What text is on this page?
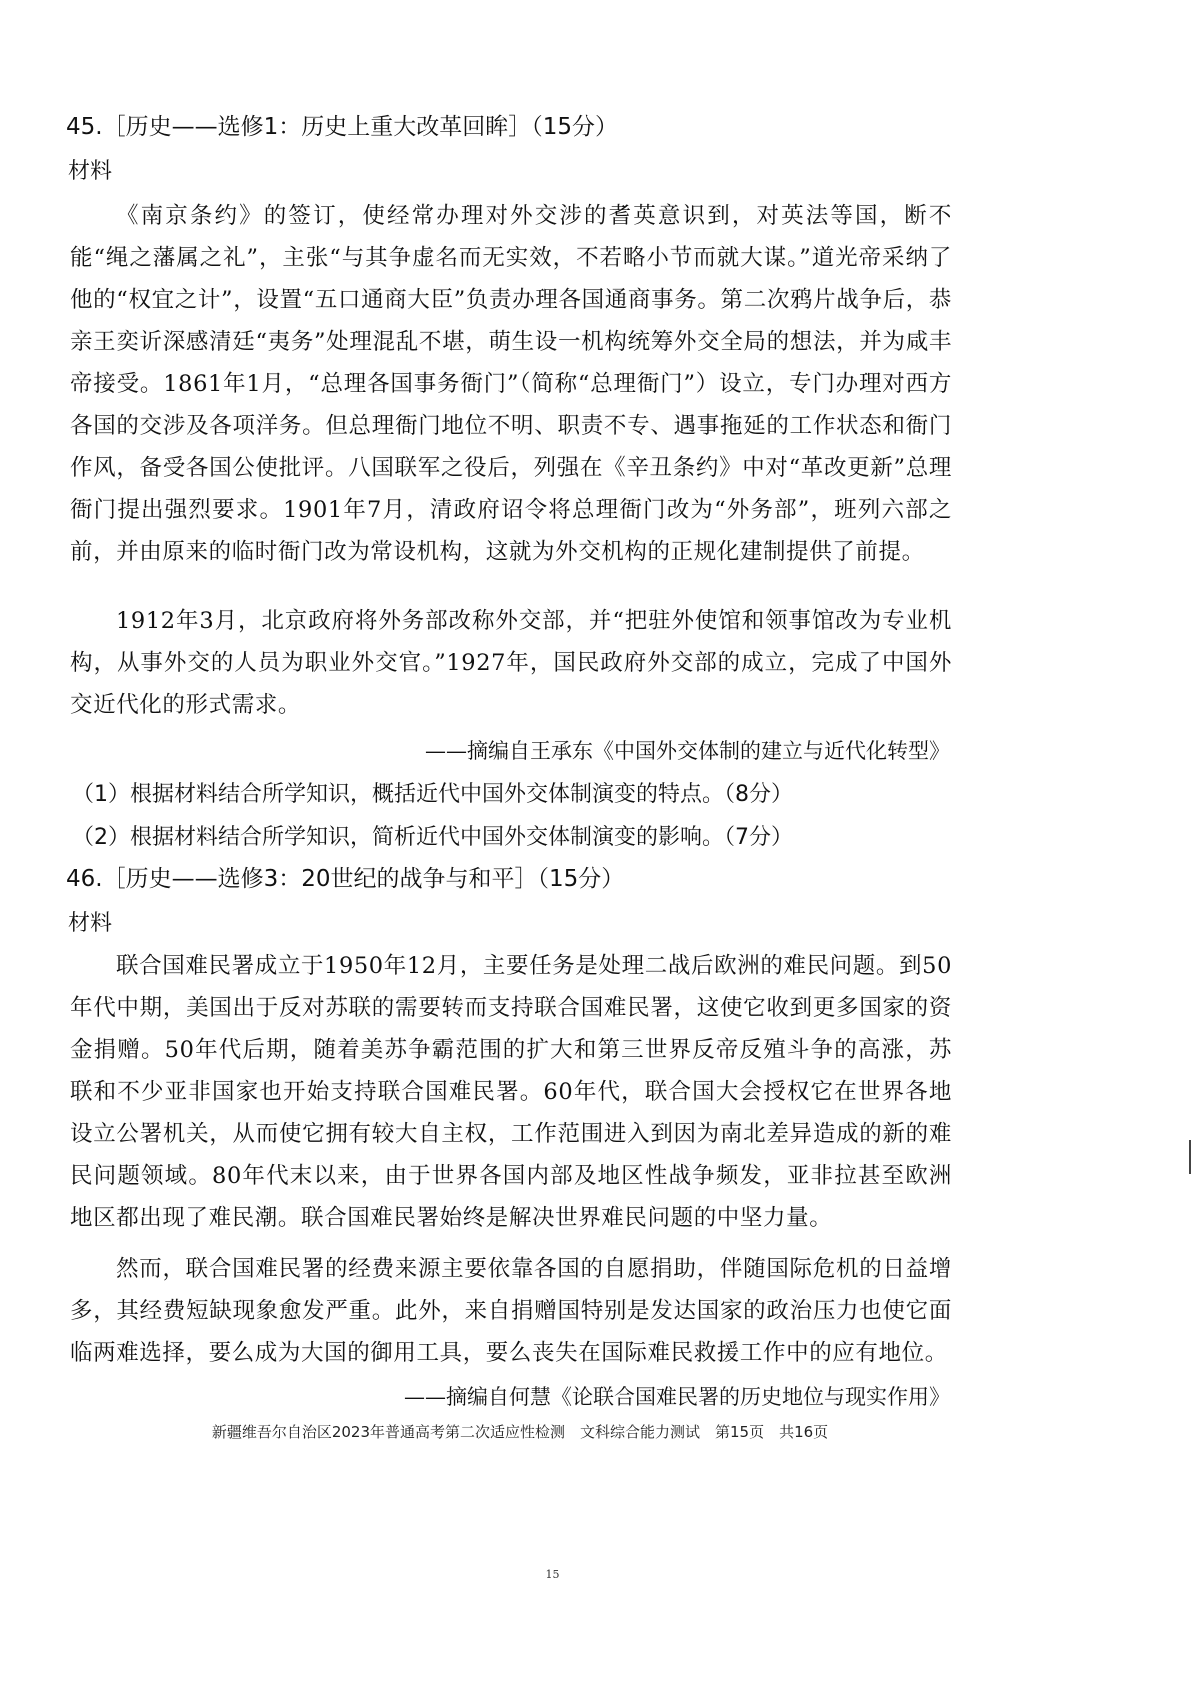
45.［历史——选修1：历史上重大改革回眸］（15分）
材料

《南京条约》的签订，使经常办理对外交涉的耆英意识到，对英法等国，断不能“绳之藩属之礼”，主张“与其争虚名而无实效，不若略小节而就大谋。”道光帝采纳了他的“权宜之计”，设置“五口通商大臣”负责办理各国通商事务。第二次鸦片战争后，恭亲王奕䜣深感清廷“夷务”处理混乱不堪，萌生设一机构统筹外交全局的想法，并为咸丰帝接受。1861年1月，“总理各国事务衙门”（简称“总理衙门”）设立，专门办理对西方各国的交涉及各项洋务。但总理衙门地位不明、职责不专、遇事拖延的工作状态和衙门作风，备受各国公使批评。八国联军之役后，列强在《辛丑条约》中对“革改更新”总理衙门提出强烈要求。1901年7月，清政府诏令将总理衙门改为“外务部”，班列六部之前，并由原来的临时衙门改为常设机构，这就为外交机构的正规化建制提供了前提。

1912年3月，北京政府将外务部改称外交部，并“把驻外使馆和领事馆改为专业机构，从事外交的人员为职业外交官。”1927年，国民政府外交部的成立，完成了中国外交近代化的形式需求。

——摘编自王承东《中国外交体制的建立与近代化转型》
（1）根据材料结合所学知识，概括近代中国外交体制演变的特点。（8分）
（2）根据材料结合所学知识，简析近代中国外交体制演变的影响。（7分）
46.［历史——选修3：20世纪的战争与和平］（15分）
材料

联合国难民署成立于1950年12月，主要任务是处理二战后欧洲的难民问题。到50年代中期，美国出于反对苏联的需要转而支持联合国难民署，这使它收到更多国家的资金捐赠。50年代后期，随着美苏争霸范围的扩大和第三世界反帝反殖斗争的高涨，苏联和不少亚非国家也开始支持联合国难民署。60年代，联合国大会授权它在世界各地设立公署机关，从而使它拥有较大自主权，工作范围进入到因为南北差异造成的新的难民问题领域。80年代末以来，由于世界各国内部及地区性战争频发，亚非拉甚至欧洲地区都出现了难民潮。联合国难民署始终是解决世界难民问题的中坚力量。

然而，联合国难民署的经费来源主要依靠各国的自愿捐助，伴随国际危机的日益增多，其经费短缺现象愈发严重。此外，来自捐赠国特别是发达国家的政治压力也使它面临两难选择，要么成为大国的御用工具，要么丧失在国际难民救援工作中的应有地位。

——摘编自何慧《论联合国难民署的历史地位与现实作用》
新疆维吾尔自治区2023年普通高考第二次适应性检测　文科综合能力测试　第15页　共16页
15
